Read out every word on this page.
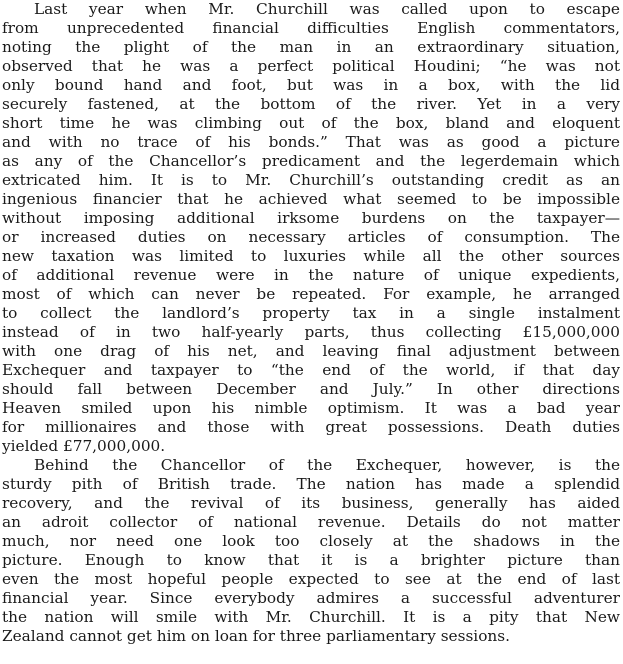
Last year when Mr. Churchill was called upon to escape
from unprecedented financial difficulties English commentators,
noting the plight of the man in an extraordinary situation,
observed that he was a perfect political Houdini; “he was not
only bound hand and foot, but was in a box, with the lid
securely fastened, at the bottom of the river. Yet in a very
short time he was climbing out of the box, bland and eloquent
and with no trace of his bonds.” That was as good a picture
as any of the Chancellor’s predicament and the legerdemain which
extricated him. It is to Mr. Churchill’s outstanding credit as an
ingenious financier that he achieved what seemed to be impossible
without imposing additional irksome burdens on the taxpayer—
or increased duties on necessary articles of consumption. The
new taxation was limited to luxuries while all the other sources
of additional revenue were in the nature of unique expedients,
most of which can never be repeated. For example, he arranged
to collect the landlord’s property tax in a single instalment
instead of in two half-yearly parts, thus collecting £15,000,000
with one drag of his net, and leaving final adjustment between
Exchequer and taxpayer to “the end of the world, if that day
should fall between December and July.” In other directions
Heaven smiled upon his nimble optimism. It was a bad year
for millionaires and those with great possessions. Death duties
yielded £77,000,000.
Behind the Chancellor of the Exchequer, however, is the
sturdy pith of British trade. The nation has made a splendid
recovery, and the revival of its business, generally has aided
an adroit collector of national revenue. Details do not matter
much, nor need one look too closely at the shadows in the
picture. Enough to know that it is a brighter picture than
even the most hopeful people expected to see at the end of last
financial year. Since everybody admires a successful adventurer
the nation will smile with Mr. Churchill. It is a pity that New
Zealand cannot get him on loan for three parliamentary sessions.
